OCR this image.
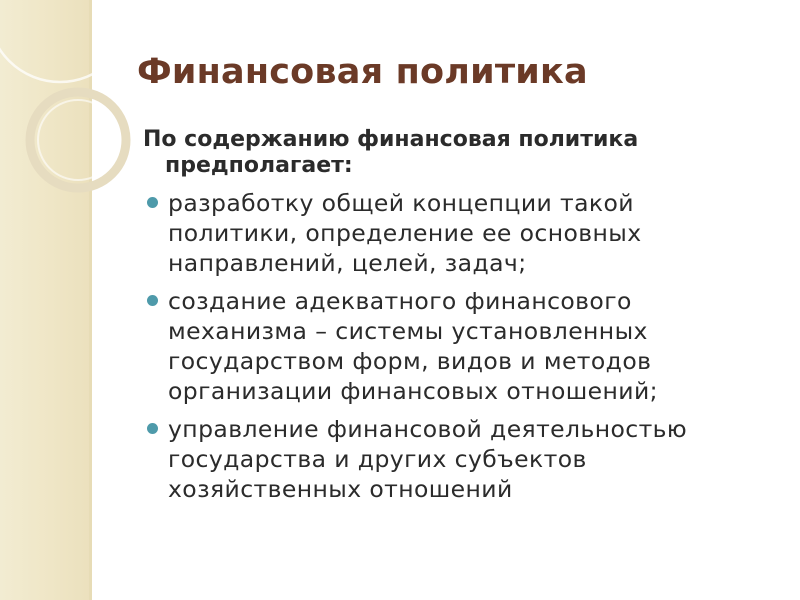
Финансовая политика
По содержанию финансовая политика
предполагает:
разработку общей концепции такой
политики, определение ее основных
направлений, целей, задач;
создание адекватного финансового
механизма – системы установленных
государством форм, видов и методов
организации финансовых отношений;
управление финансовой деятельностью
государства и других субъектов
хозяйственных отношений
